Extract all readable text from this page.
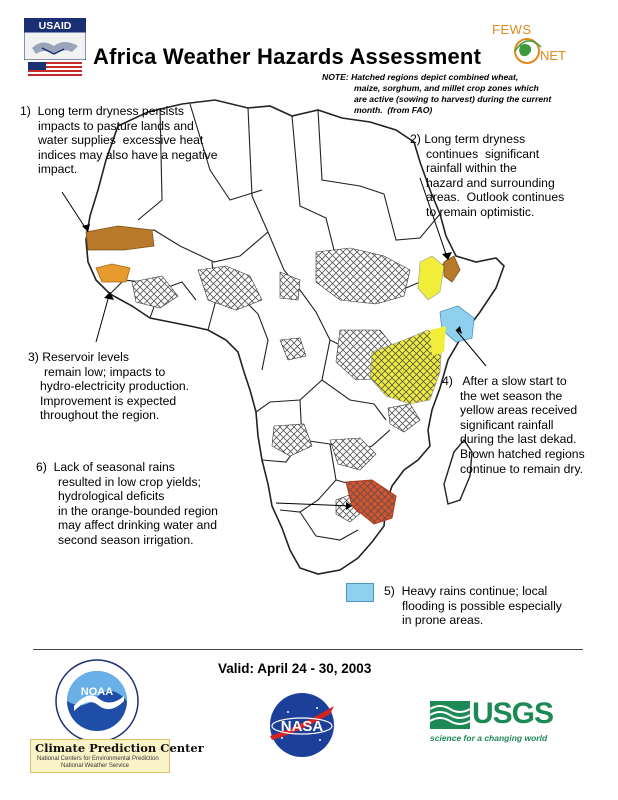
USAID
Africa Weather Hazards Assessment
FEWS
NET
NOTE: Hatched regions depict combined wheat,
maize, sorghum, and millet crop zones which
are active (sowing to harvest) during the current
month.  (from FAO)
1)  Long term dryness persists
impacts to pasture lands and
water supplies  excessive heat
indices may also have a negative
impact.
2) Long term dryness
continues  significant
rainfall within the
hazard and surrounding
areas.  Outlook continues
to remain optimistic.
3) Reservoir levels
remain low; impacts to
hydro-electricity production.
Improvement is expected
throughout the region.
4)   After a slow start to
the wet season the
yellow areas received
significant rainfall
during the last dekad.
Brown hatched regions
continue to remain dry.
6)  Lack of seasonal rains
resulted in low crop yields;
hydrological deficits
in the orange-bounded region
may affect drinking water and
second season irrigation.
5)  Heavy rains continue; local
flooding is possible especially
in prone areas.
Valid: April 24 - 30, 2003
NOAA
Climate Prediction Center
National Centers for Environmental Prediction
National Weather Service
NASA	USGS
science for a changing world
